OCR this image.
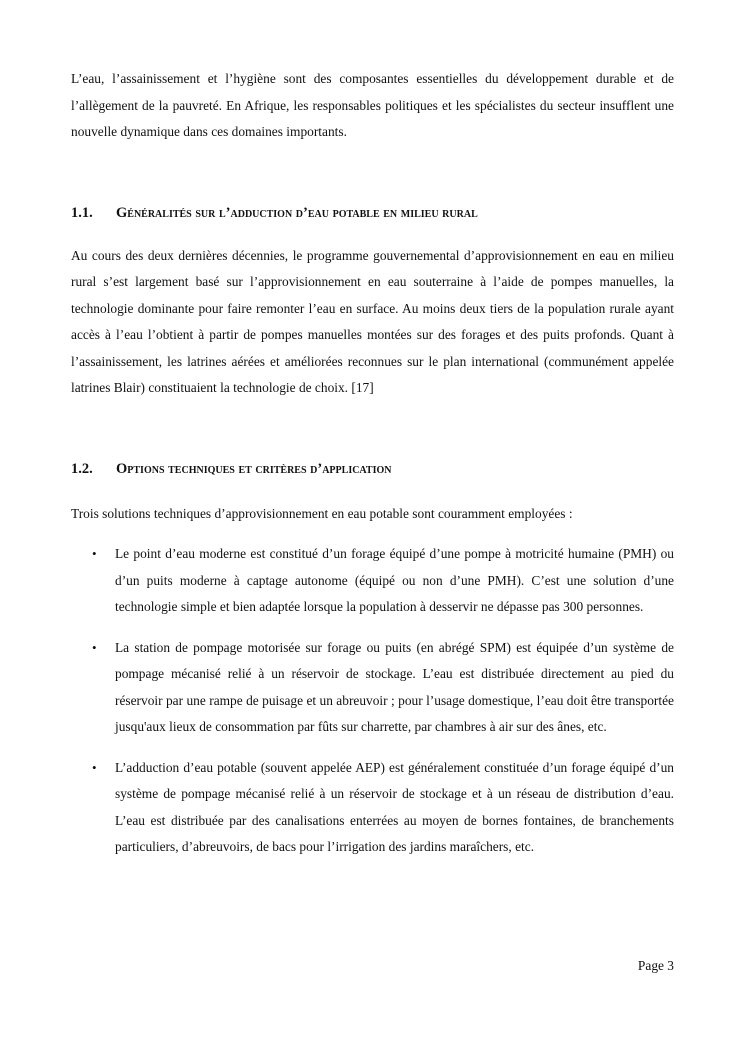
L’eau, l’assainissement et l’hygiène sont des composantes essentielles du développement durable et de l’allègement de la pauvreté. En Afrique, les responsables politiques et les spécialistes du secteur insufflent une nouvelle dynamique dans ces domaines importants.

1.1.	Généralités sur l’adduction d’eau potable en milieu rural

Au cours des deux dernières décennies, le programme gouvernemental d’approvisionnement en eau en milieu rural s’est largement basé sur l’approvisionnement en eau souterraine à l’aide de pompes manuelles, la technologie dominante pour faire remonter l’eau en surface. Au moins deux tiers de la population rurale ayant accès à l’eau l’obtient à partir de pompes manuelles montées sur des forages et des puits profonds. Quant à l’assainissement, les latrines aérées et améliorées reconnues sur le plan international (communément appelée latrines Blair) constituaient la technologie de choix. [17]

1.2.	Options techniques et critères d’application

Trois solutions techniques d’approvisionnement en eau potable sont couramment employées :

• Le point d’eau moderne est constitué d’un forage équipé d’une pompe à motricité humaine (PMH) ou d’un puits moderne à captage autonome (équipé ou non d’une PMH). C’est une solution d’une technologie simple et bien adaptée lorsque la population à desservir ne dépasse pas 300 personnes.

• La station de pompage motorisée sur forage ou puits (en abrégé SPM) est équipée d’un système de pompage mécanisé relié à un réservoir de stockage. L’eau est distribuée directement au pied du réservoir par une rampe de puisage et un abreuvoir ; pour l’usage domestique, l’eau doit être transportée jusqu'aux lieux de consommation par fûts sur charrette, par chambres à air sur des ânes, etc.

• L’adduction d’eau potable (souvent appelée AEP) est généralement constituée d’un forage équipé d’un système de pompage mécanisé relié à un réservoir de stockage et à un réseau de distribution d’eau. L’eau est distribuée par des canalisations enterrées au moyen de bornes fontaines, de branchements particuliers, d’abreuvoirs, de bacs pour l’irrigation des jardins maraîchers, etc.

Page 3
